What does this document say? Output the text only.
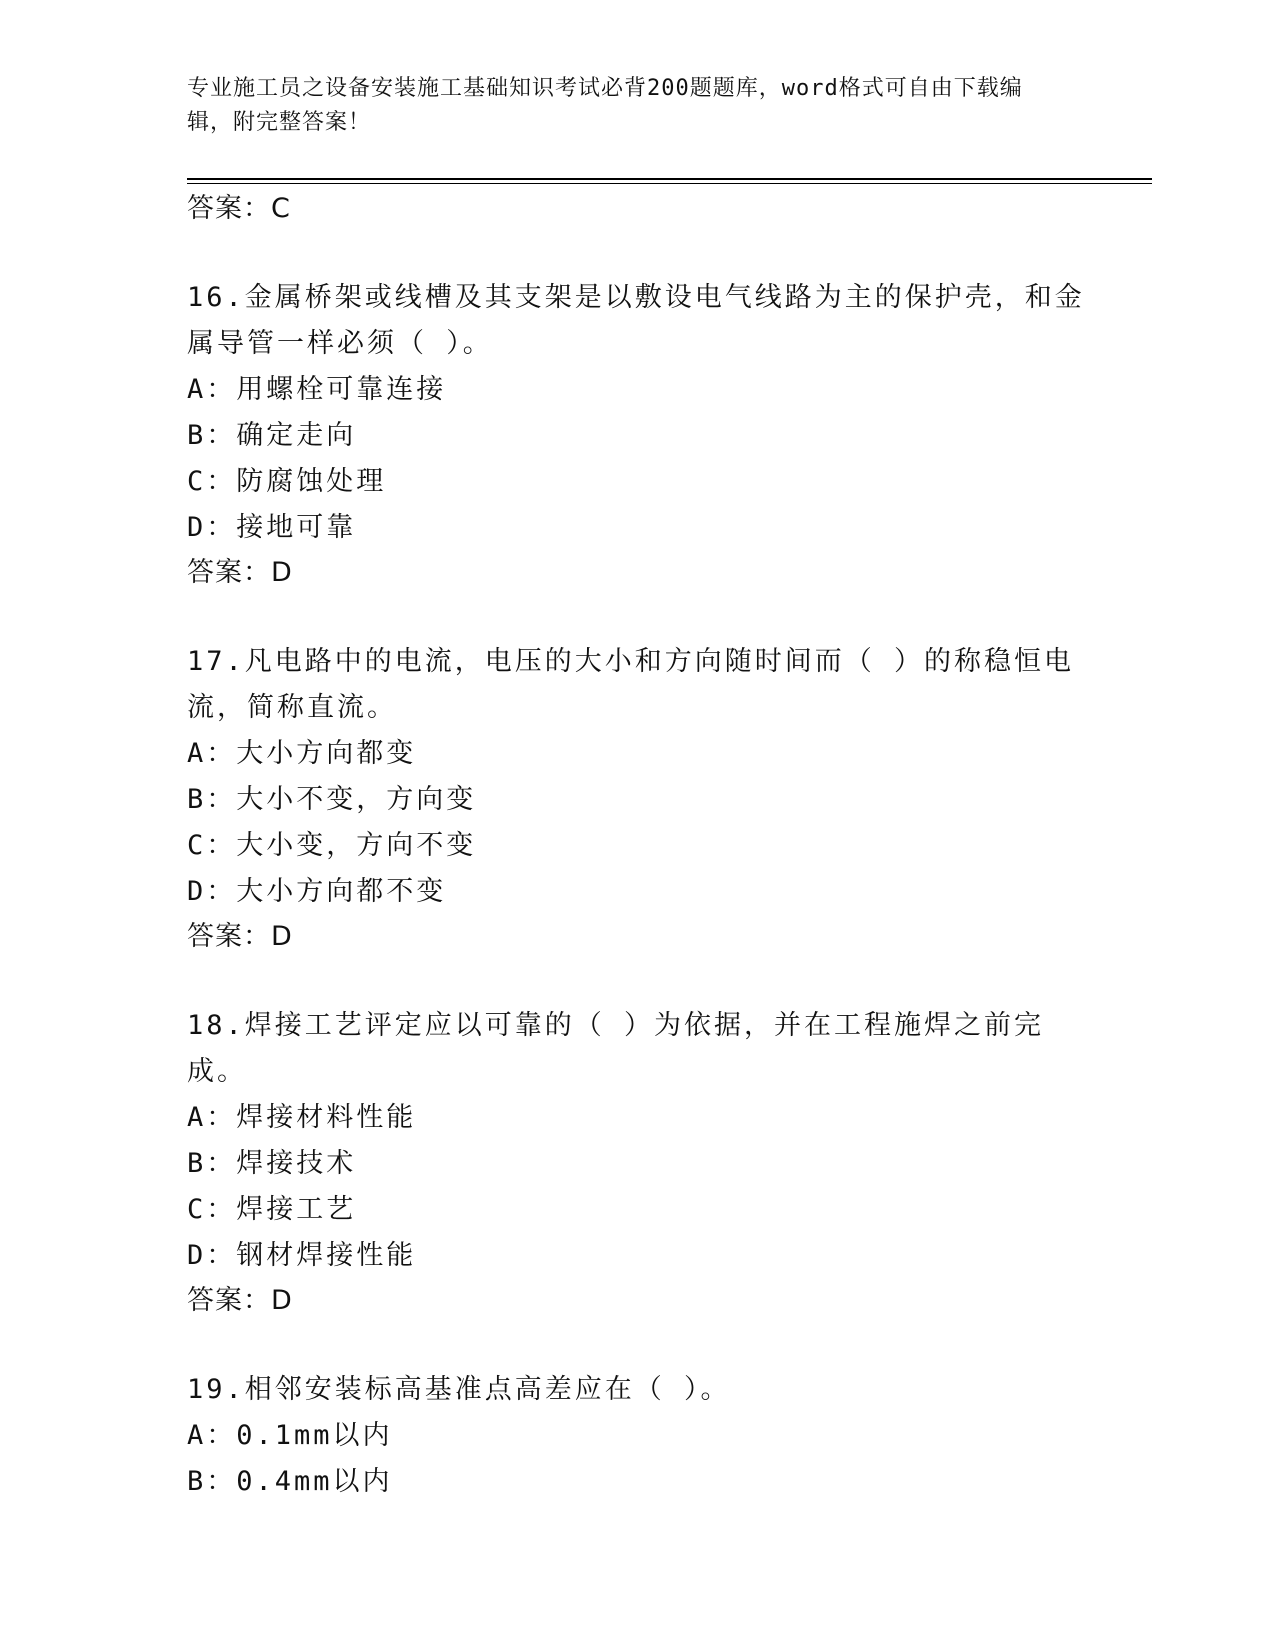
专业施工员之设备安装施工基础知识考试必背200题题库，word格式可自由下载编辑，附完整答案！
答案：C
16.金属桥架或线槽及其支架是以敷设电气线路为主的保护壳，和金属导管一样必须（ ）。
A：用螺栓可靠连接
B：确定走向
C：防腐蚀处理
D：接地可靠
答案：D
17.凡电路中的电流，电压的大小和方向随时间而（ ）的称稳恒电流，简称直流。
A：大小方向都变
B：大小不变，方向变
C：大小变，方向不变
D：大小方向都不变
答案：D
18.焊接工艺评定应以可靠的（ ）为依据，并在工程施焊之前完成。
A：焊接材料性能
B：焊接技术
C：焊接工艺
D：钢材焊接性能
答案：D
19.相邻安装标高基准点高差应在（ ）。
A：0.1mm以内
B：0.4mm以内
